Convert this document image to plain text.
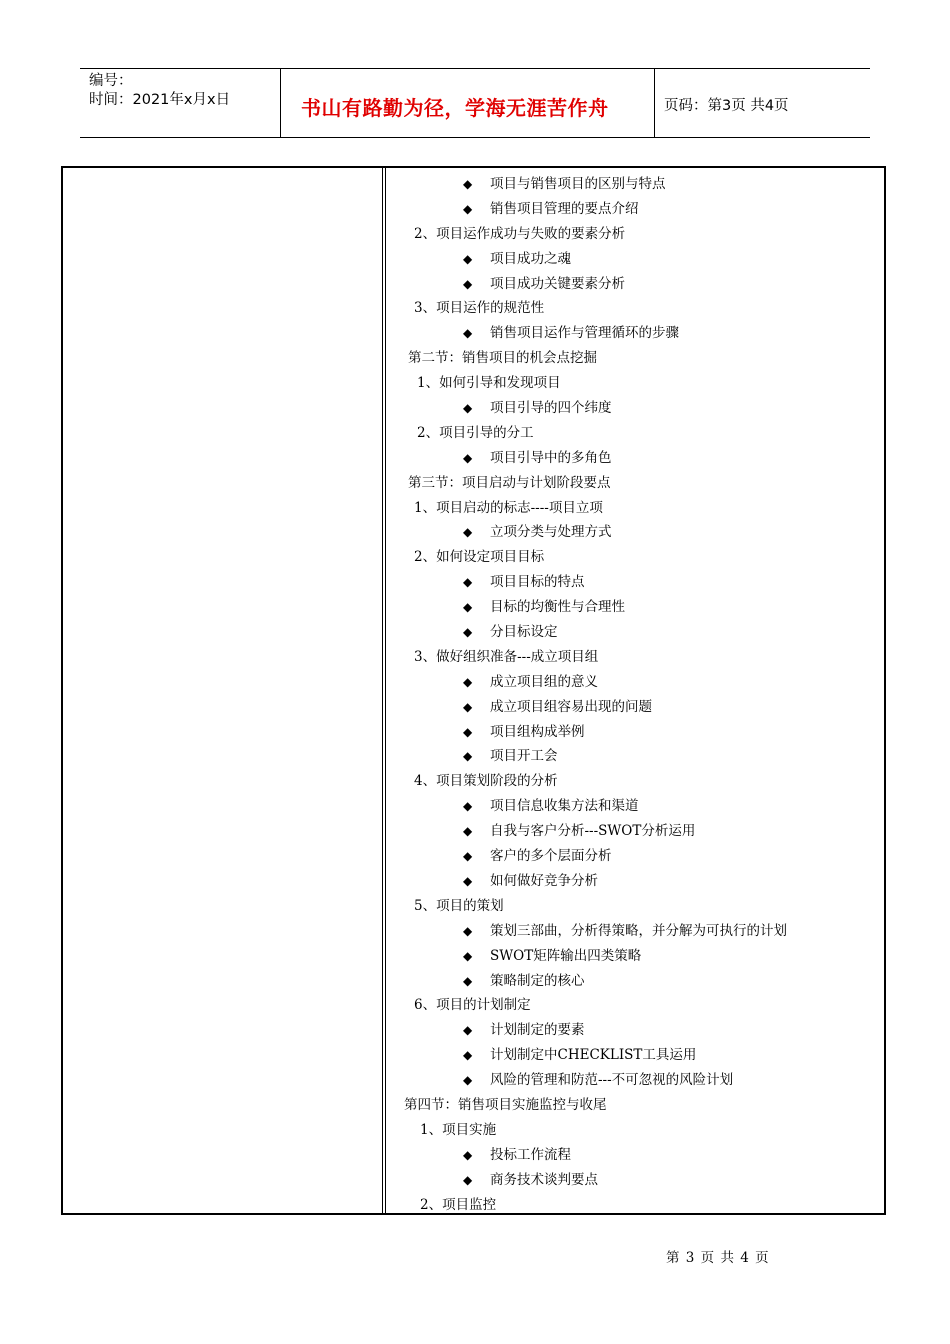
编号：
时间：2021年x月x日	书山有路勤为径，学海无涯苦作舟	页码：第3页 共4页
◆ 项目与销售项目的区别与特点
◆ 销售项目管理的要点介绍
2、项目运作成功与失败的要素分析
◆ 项目成功之魂
◆ 项目成功关键要素分析
3、项目运作的规范性
◆ 销售项目运作与管理循环的步骤
第二节：销售项目的机会点挖掘
1、如何引导和发现项目
◆ 项目引导的四个纬度
2、项目引导的分工
◆ 项目引导中的多角色
第三节：项目启动与计划阶段要点
1、项目启动的标志----项目立项
◆ 立项分类与处理方式
2、如何设定项目目标
◆ 项目目标的特点
◆ 目标的均衡性与合理性
◆ 分目标设定
3、做好组织准备---成立项目组
◆ 成立项目组的意义
◆ 成立项目组容易出现的问题
◆ 项目组构成举例
◆ 项目开工会
4、项目策划阶段的分析
◆ 项目信息收集方法和渠道
◆ 自我与客户分析---SWOT分析运用
◆ 客户的多个层面分析
◆ 如何做好竞争分析
5、项目的策划
◆ 策划三部曲，分析得策略，并分解为可执行的计划
◆ SWOT矩阵输出四类策略
◆ 策略制定的核心
6、项目的计划制定
◆ 计划制定的要素
◆ 计划制定中CHECKLIST工具运用
◆ 风险的管理和防范---不可忽视的风险计划
第四节：销售项目实施监控与收尾
1、项目实施
◆ 投标工作流程
◆ 商务技术谈判要点
2、项目监控
第 3 页 共 4 页
